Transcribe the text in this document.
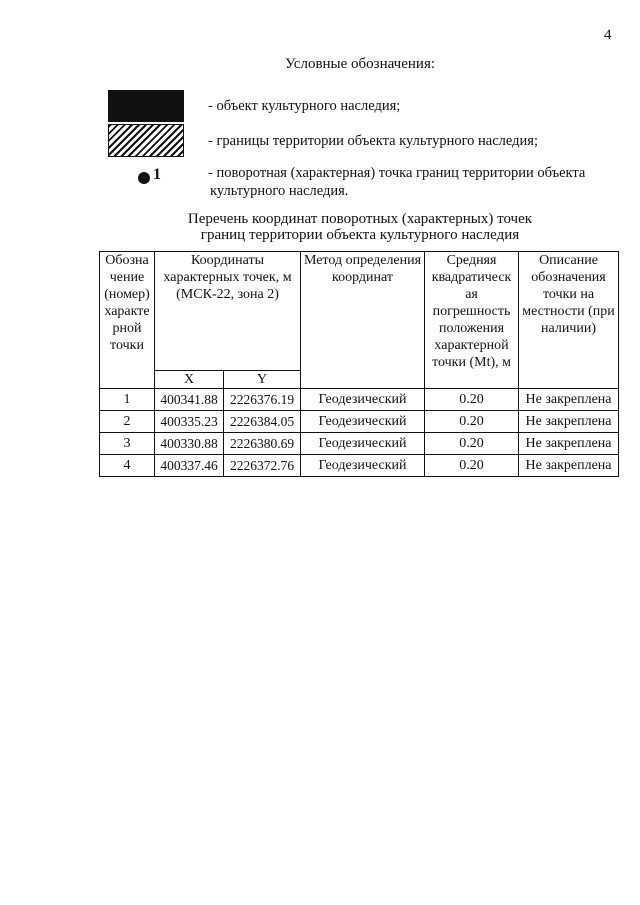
4
Условные обозначения:
- объект культурного наследия;
- границы территории объекта культурного наследия;
1	- поворотная (характерная) точка границ территории объекта
культурного наследия.
Перечень координат поворотных (характерных) точек
границ территории объекта культурного наследия
Обозна чение (номер) характе рной точки	Координаты характерных точек, м (МСК-22, зона 2)		Метод определения координат	Средняя квадратическ ая погрешность положения характерной точки (Mt), м	Описание обозначения точки на местности (при наличии)
	X	Y			
1	400341.88	2226376.19	Геодезический	0.20	Не закреплена
2	400335.23	2226384.05	Геодезический	0.20	Не закреплена
3	400330.88	2226380.69	Геодезический	0.20	Не закреплена
4	400337.46	2226372.76	Геодезический	0.20	Не закреплена
